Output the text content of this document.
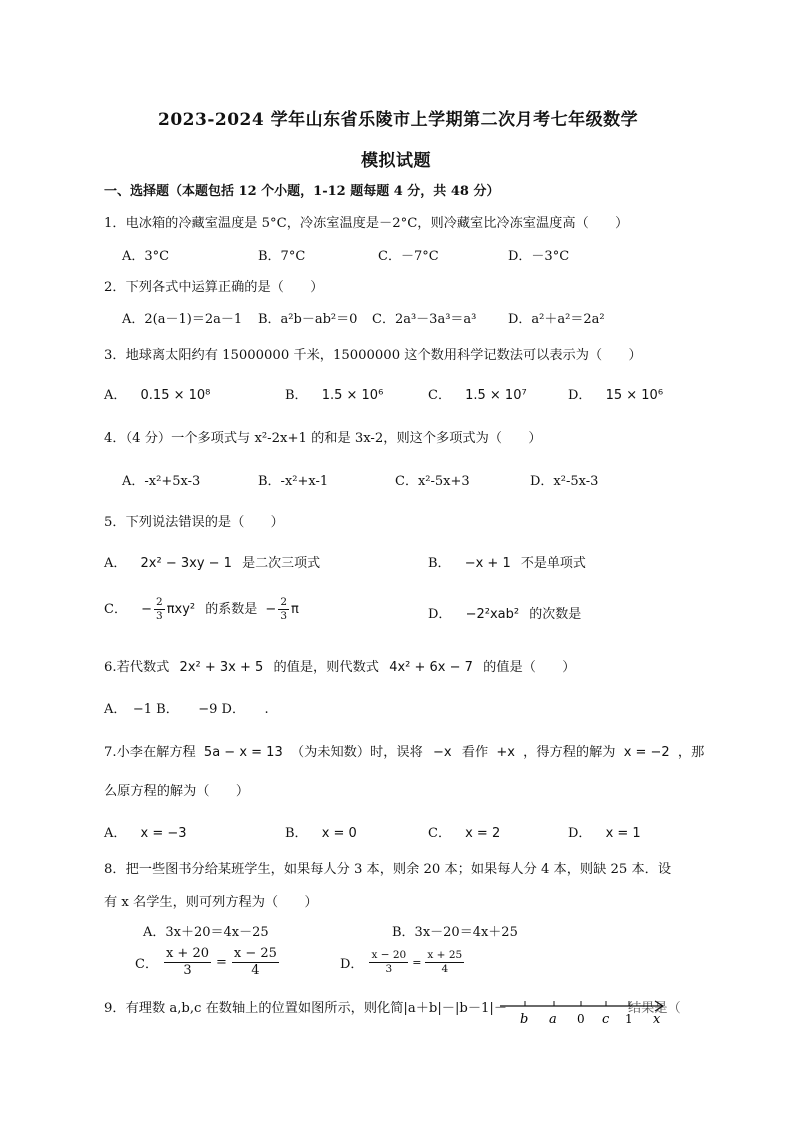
2023-2024 学年山东省乐陵市上学期第二次月考七年级数学
模拟试题
一、选择题（本题包括 12 个小题，1-12 题每题 4 分，共 48 分）
1．电冰箱的冷藏室温度是 5°C，冷冻室温度是－2°C，则冷藏室比冷冻室温度高（　　）
A．3°C	B．7°C	C．－7°C	D．－3°C
2．下列各式中运算正确的是（　　）
A．2(a－1)＝2a－1 B．a²b－ab²＝0 C．2a³－3a³＝a³ D．a²＋a²＝2a²
3．地球离太阳约有 15000000 千米，15000000 这个数用科学记数法可以表示为（　　）
A． 0.15 × 10⁸	B． 1.5 × 10⁶	C． 1.5 × 10⁷	D． 15 × 10⁶
4．（4 分）一个多项式与 x²-2x+1 的和是 3x-2，则这个多项式为（　　）
A．-x²+5x-3	B．-x²+x-1	C．x²-5x+3	D．x²-5x-3
5．下列说法错误的是（　　）
A． 2x² − 3xy − 1 是二次三项式	B． −x + 1 不是单项式
C． − $\frac{2}{3} \pi xy^2$ 的系数是 − $\frac{2}{3}$ π	D． −2²xab² 的次数是
6.若代数式 2x² + 3x + 5 的值是，则代数式 4x² + 6x − 7 的值是（　　）
A．　−1 B．　　−9 D．　　.
7.小李在解方程 5a − x = 13 （为未知数）时，误将 −x 看作 +x ，得方程的解为 x = −2 ，那
么原方程的解为（　　）
A． x = −3	B． x = 0	C． x = 2	D． x = 1
8．把一些图书分给某班学生，如果每人分 3 本，则余 20 本；如果每人分 4 本，则缺 25 本．设
有 x 名学生，则可列方程为（　　）
A．3x＋20＝4x－25	B．3x－20＝4x＋25
C． $\frac{x + 20}{3} = \frac{x - 25}{4}$	D． $\frac{x - 20}{3} = \frac{x + 25}{4}$
9．有理数 a,b,c 在数轴上的位置如图所示，则化简|a＋b|－|b－1|－	结果是（
b a 0 c 1 x
